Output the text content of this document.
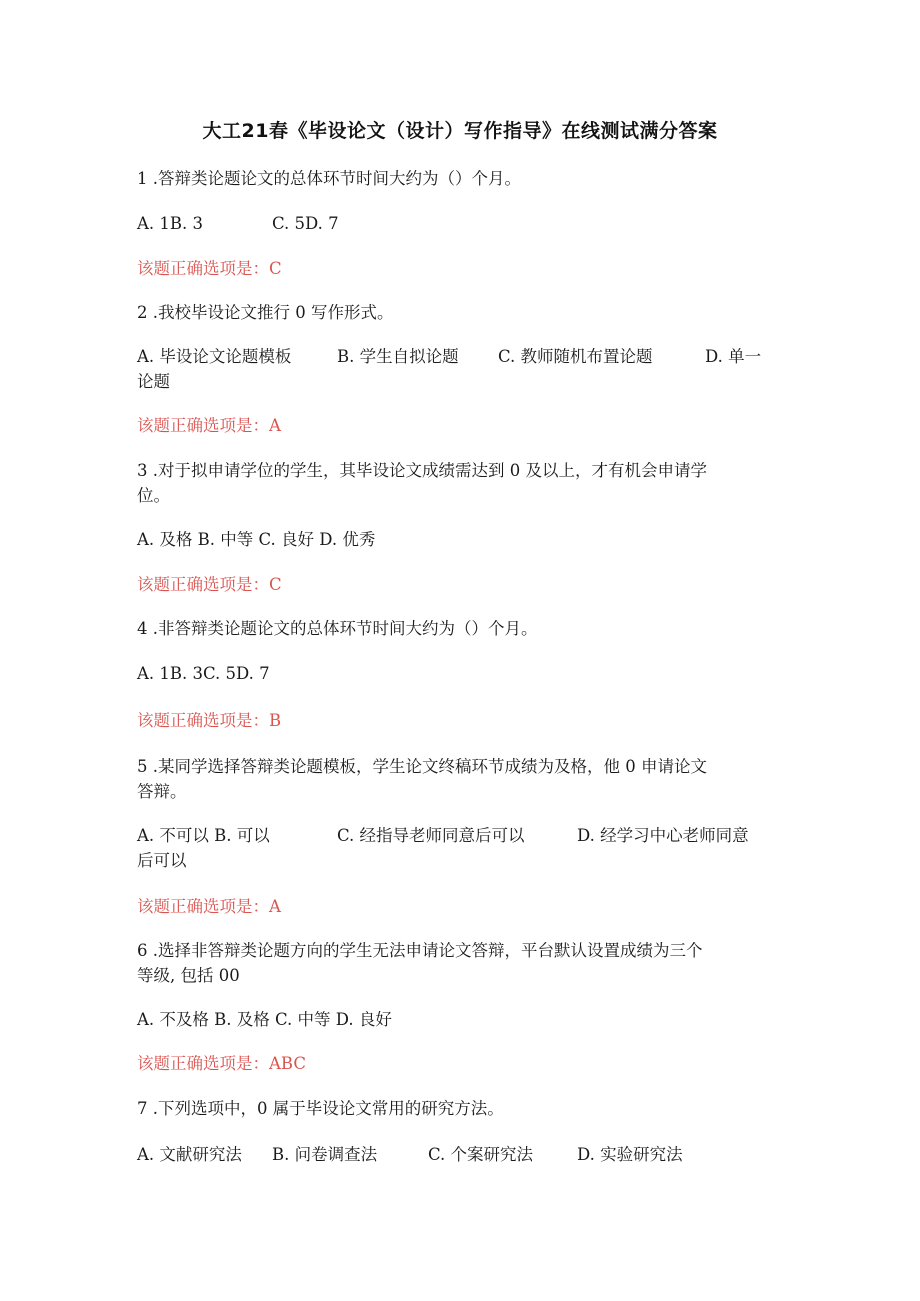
大工21春《毕设论文（设计）写作指导》在线测试满分答案
1 .答辩类论题论文的总体环节时间大约为（）个月。
A. 1B. 3	C. 5D. 7
该题正确选项是：C
2 .我校毕设论文推行 0 写作形式。
A. 毕设论文论题模板	B. 学生自拟论题 C. 教师随机布置论题	D. 单一
论题
该题正确选项是：A
3 .对于拟申请学位的学生，其毕设论文成绩需达到 0 及以上，才有机会申请学
位。
A. 及格 B. 中等 C. 良好 D. 优秀
该题正确选项是：C
4 .非答辩类论题论文的总体环节时间大约为（）个月。
A. 1B. 3C. 5D. 7
该题正确选项是：B
5 .某同学选择答辩类论题模板，学生论文终稿环节成绩为及格，他 0 申请论文
答辩。
A. 不可以 B. 可以	C. 经指导老师同意后可以	D. 经学习中心老师同意
后可以
该题正确选项是：A
6 .选择非答辩类论题方向的学生无法申请论文答辩，平台默认设置成绩为三个
等级, 包括 00
A. 不及格 B. 及格 C. 中等 D. 良好
该题正确选项是：ABC
7 .下列选项中，0 属于毕设论文常用的研究方法。
A. 文献研究法 B. 问卷调查法	C. 个案研究法	D. 实验研究法
